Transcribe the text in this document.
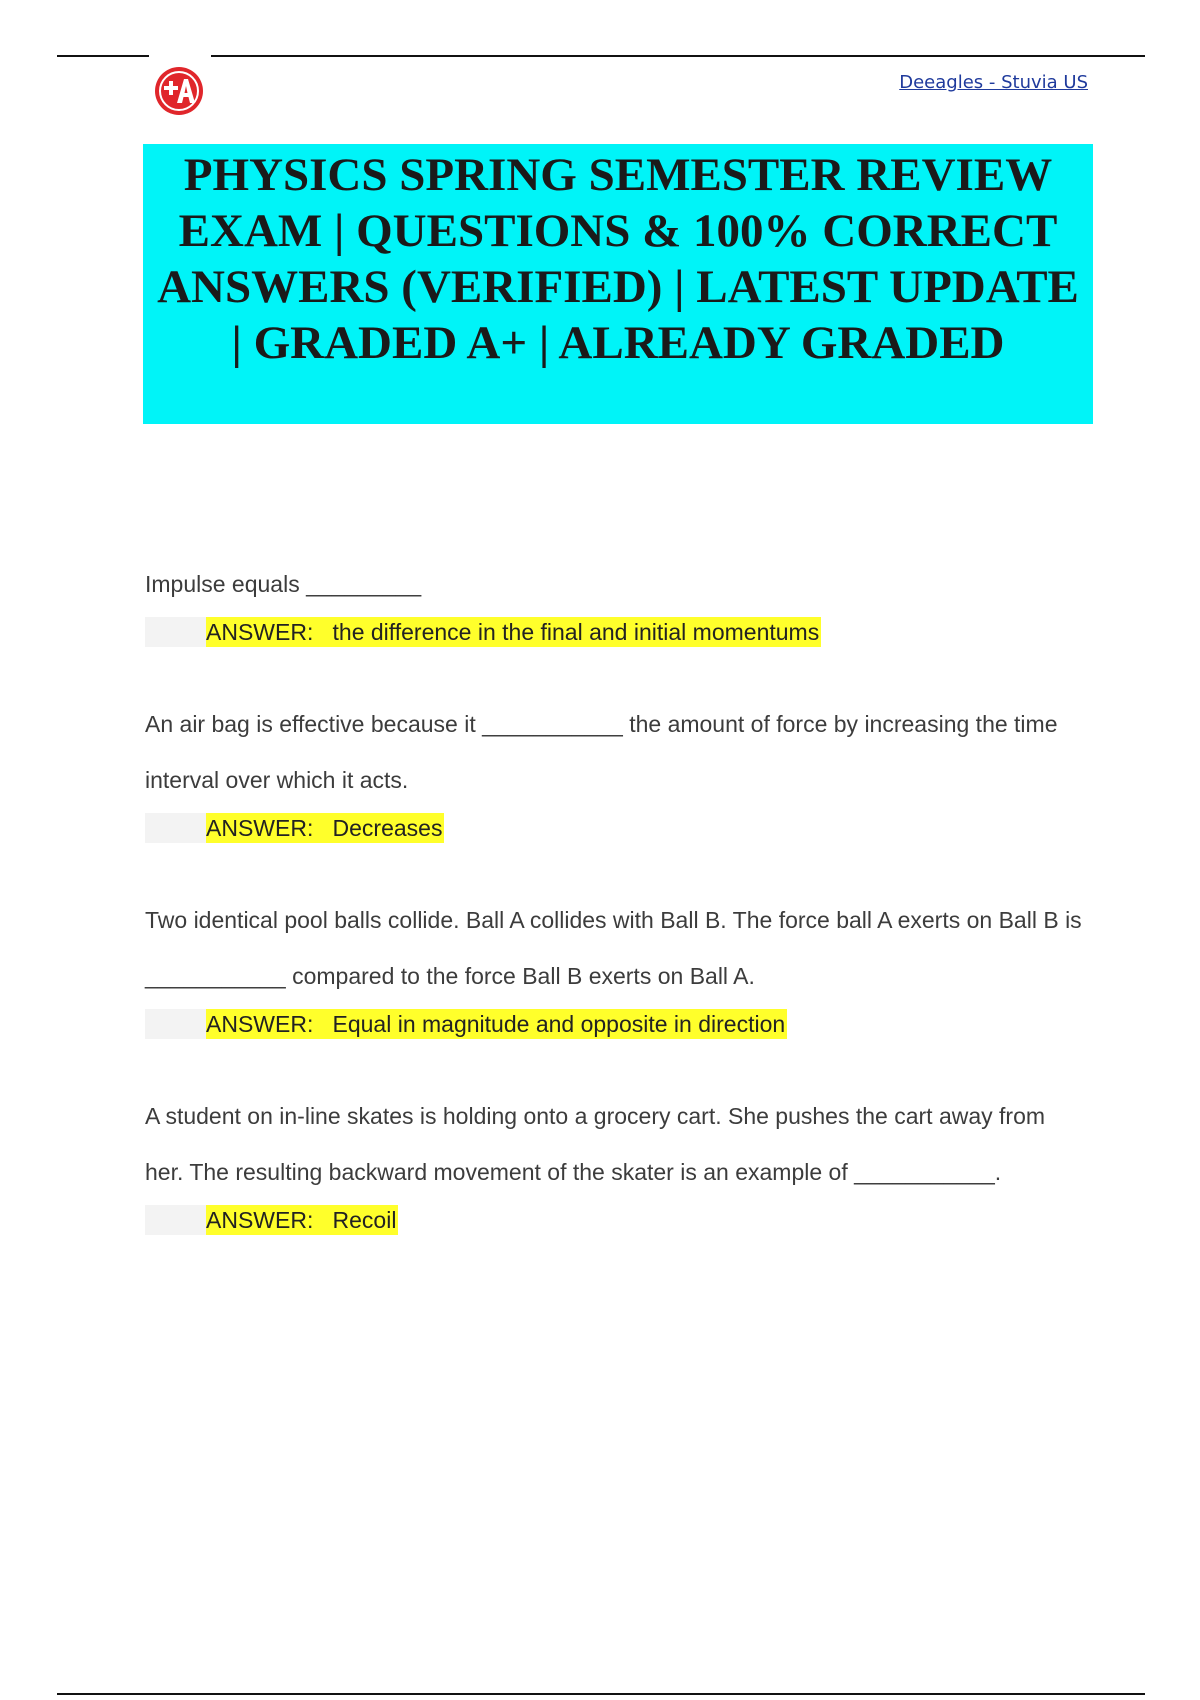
Deeagles - Stuvia US
PHYSICS SPRING SEMESTER REVIEW EXAM | QUESTIONS & 100% CORRECT ANSWERS (VERIFIED) | LATEST UPDATE | GRADED A+ | ALREADY GRADED

Impulse equals _________

ANSWER:   the difference in the final and initial momentums

An air bag is effective because it ___________ the amount of force by increasing the time interval over which it acts.

ANSWER:   Decreases

Two identical pool balls collide. Ball A collides with Ball B. The force ball A exerts on Ball B is ___________ compared to the force Ball B exerts on Ball A.

ANSWER:   Equal in magnitude and opposite in direction

A student on in-line skates is holding onto a grocery cart. She pushes the cart away from her. The resulting backward movement of the skater is an example of ___________.

ANSWER:   Recoil
